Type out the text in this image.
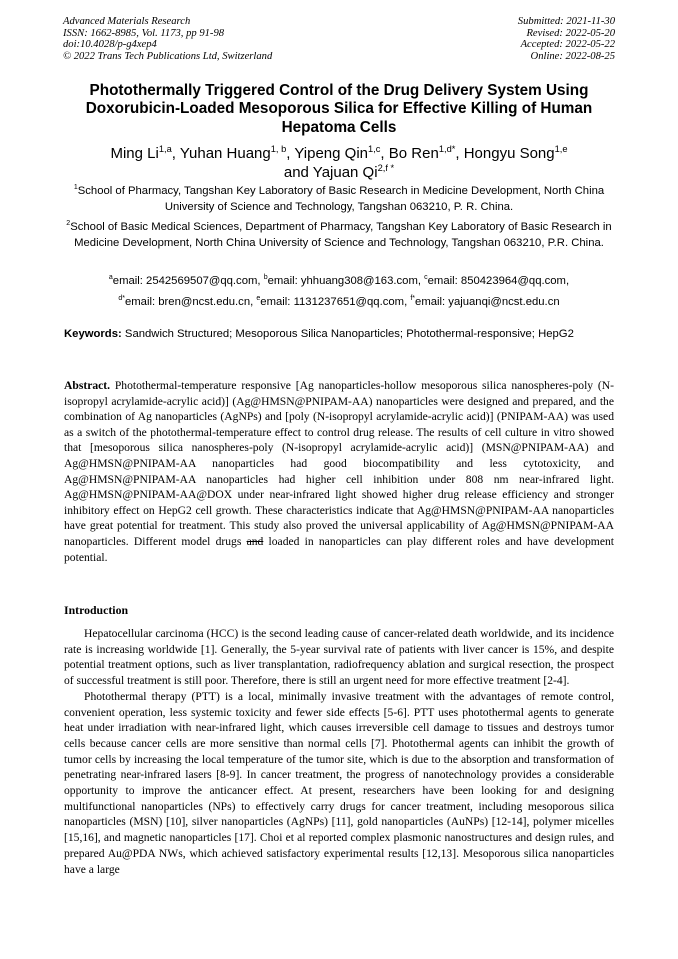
Advanced Materials Research
ISSN: 1662-8985, Vol. 1173, pp 91-98
doi:10.4028/p-g4xep4
© 2022 Trans Tech Publications Ltd, Switzerland
Submitted: 2021-11-30
Revised: 2022-05-20
Accepted: 2022-05-22
Online: 2022-08-25
Photothermally Triggered Control of the Drug Delivery System Using Doxorubicin-Loaded Mesoporous Silica for Effective Killing of Human Hepatoma Cells
Ming Li$^{1,a}$, Yuhan Huang$^{1, b}$, Yipeng Qin$^{1,c}$, Bo Ren$^{1,d*}$, Hongyu Song$^{1,e}$
and Yajuan $Qi^{2,f *}$
$^1$School of Pharmacy, Tangshan Key Laboratory of Basic Research in Medicine Development, North China University of Science and Technology, Tangshan 063210, P. R. China.
$^2$School of Basic Medical Sciences, Department of Pharmacy, Tangshan Key Laboratory of Basic Research in Medicine Development, North China University of Science and Technology, Tangshan 063210, P.R. China.
$^a$email: 2542569507@qq.com, $^b$email: yhhuang308@163.com, $^c$email: 850423964@qq.com,
$^{d*}$email: bren@ncst.edu.cn, $^e$email: 1131237651@qq.com, $^{f*}$email: yajuanqi@ncst.edu.cn
Keywords: Sandwich Structured; Mesoporous Silica Nanoparticles; Photothermal-responsive; HepG2
Abstract. Photothermal-temperature responsive [Ag nanoparticles-hollow mesoporous silica nanospheres-poly (N-isopropyl acrylamide-acrylic acid)] (Ag@HMSN@PNIPAM-AA) nanoparticles were designed and prepared, and the combination of Ag nanoparticles (AgNPs) and [poly (N-isopropyl acrylamide-acrylic acid)] (PNIPAM-AA) was used as a switch of the photothermal-temperature effect to control drug release. The results of cell culture in vitro showed that [mesoporous silica nanospheres-poly (N-isopropyl acrylamide-acrylic acid)] (MSN@PNIPAM-AA) and Ag@HMSN@PNIPAM-AA nanoparticles had good biocompatibility and less cytotoxicity, and Ag@HMSN@PNIPAM-AA nanoparticles had higher cell inhibition under 808 nm near-infrared light. Ag@HMSN@PNIPAM-AA@DOX under near-infrared light showed higher drug release efficiency and stronger inhibitory effect on HepG2 cell growth. These characteristics indicate that Ag@HMSN@PNIPAM-AA nanoparticles have great potential for treatment. This study also proved the universal applicability of Ag@HMSN@PNIPAM-AA nanoparticles. Different model drugs and loaded in nanoparticles can play different roles and have development potential.
Introduction

Hepatocellular carcinoma (HCC) is the second leading cause of cancer-related death worldwide, and its incidence rate is increasing worldwide [1]. Generally, the 5-year survival rate of patients with liver cancer is 15%, and despite potential treatment options, such as liver transplantation, radiofrequency ablation and surgical resection, the prospect of successful treatment is still poor. Therefore, there is still an urgent need for more effective treatment [2-4].

Photothermal therapy (PTT) is a local, minimally invasive treatment with the advantages of remote control, convenient operation, less systemic toxicity and fewer side effects [5-6]. PTT uses photothermal agents to generate heat under irradiation with near-infrared light, which causes irreversible cell damage to tissues and destroys tumor cells because cancer cells are more sensitive than normal cells [7]. Photothermal agents can inhibit the growth of tumor cells by increasing the local temperature of the tumor site, which is due to the absorption and transformation of penetrating near-infrared lasers [8-9]. In cancer treatment, the progress of nanotechnology provides a considerable opportunity to improve the anticancer effect. At present, researchers have been looking for and designing multifunctional nanoparticles (NPs) to effectively carry drugs for cancer treatment, including mesoporous silica nanoparticles (MSN) [10], silver nanoparticles (AgNPs) [11], gold nanoparticles (AuNPs) [12-14], polymer micelles [15,16], and magnetic nanoparticles [17]. Choi et al reported complex plasmonic nanostructures and design rules, and prepared Au@PDA NWs, which achieved satisfactory experimental results [12,13]. Mesoporous silica nanoparticles have a large
